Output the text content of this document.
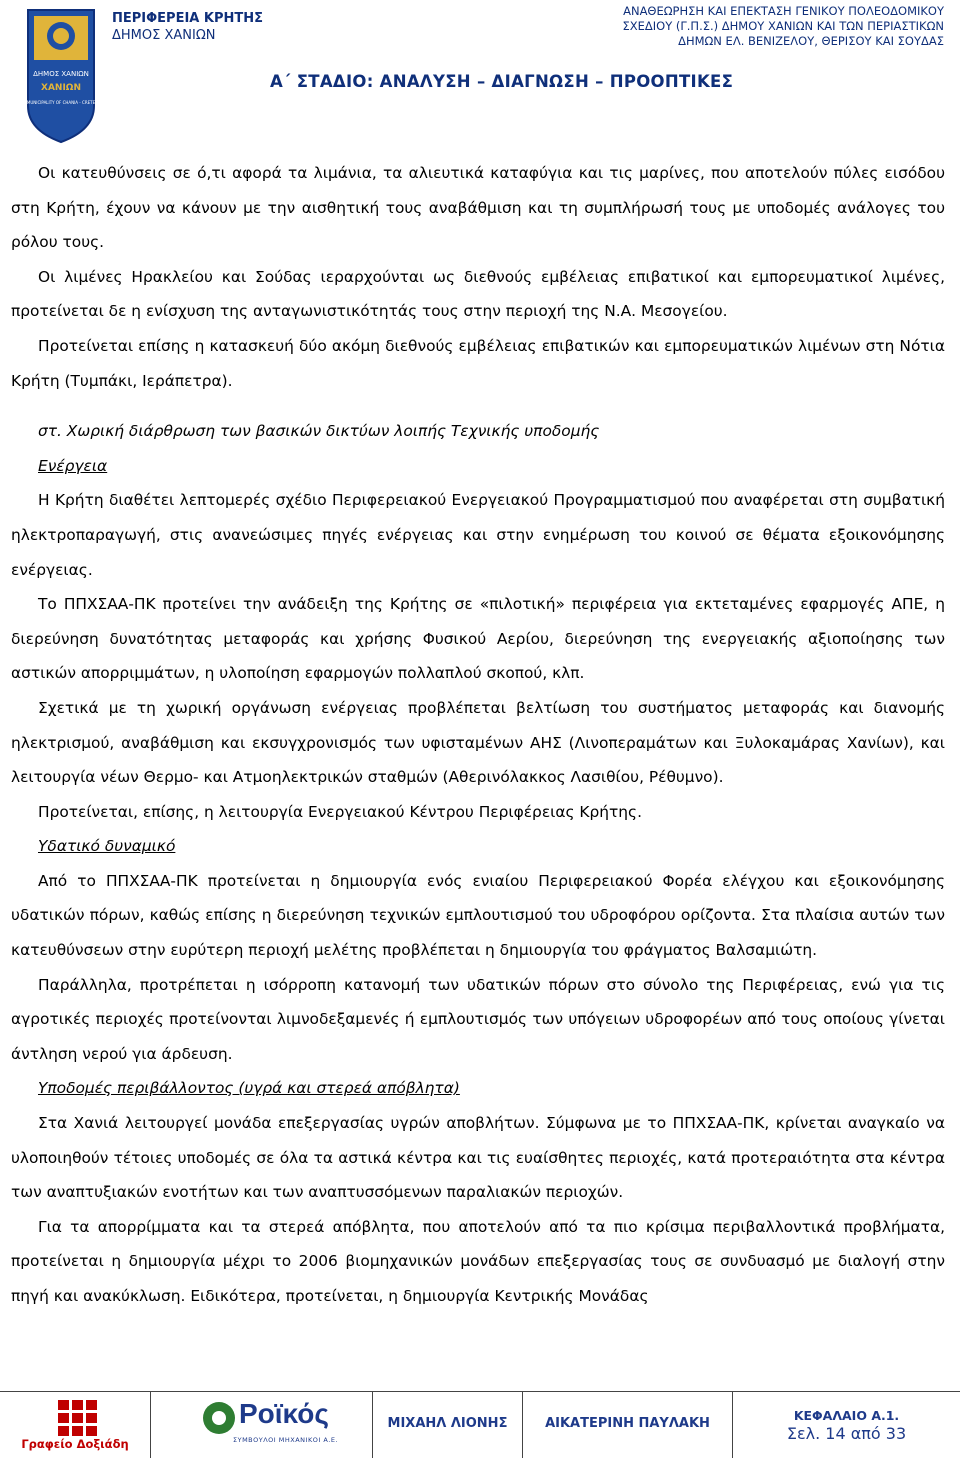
ΔΗΜΟΣ ΧΑΝΙΩΝ
ΧΑΝΙΩΝ
MUNICIPALITY OF CHANIA - CRETE
ΠΕΡΙΦΕΡΕΙΑ ΚΡΗΤΗΣ
ΔΗΜΟΣ ΧΑΝΙΩΝ
ΑΝΑΘΕΩΡΗΣΗ ΚΑΙ ΕΠΕΚΤΑΣΗ ΓΕΝΙΚΟΥ ΠΟΛΕΟΔΟΜΙΚΟΥ
ΣΧΕΔΙΟΥ (Γ.Π.Σ.) ΔΗΜΟΥ ΧΑΝΙΩΝ ΚΑΙ ΤΩΝ ΠΕΡΙΑΣΤΙΚΩΝ
ΔΗΜΩΝ ΕΛ. ΒΕΝΙΖΕΛΟΥ, ΘΕΡΙΣΟΥ ΚΑΙ ΣΟΥΔΑΣ
Α΄ ΣΤΑΔΙΟ: ΑΝΑΛΥΣΗ – ΔΙΑΓΝΩΣΗ – ΠΡΟΟΠΤΙΚΕΣ

Οι κατευθύνσεις σε ό,τι αφορά τα λιμάνια, τα αλιευτικά καταφύγια και τις μαρίνες, που αποτελούν πύλες εισόδου στη Κρήτη, έχουν να κάνουν με την αισθητική τους αναβάθμιση και τη συμπλήρωσή τους με υποδομές ανάλογες του ρόλου τους.

Οι λιμένες Ηρακλείου και Σούδας ιεραρχούνται ως διεθνούς εμβέλειας επιβατικοί και εμπορευματικοί λιμένες, προτείνεται δε η ενίσχυση της ανταγωνιστικότητάς τους στην περιοχή της Ν.Α. Μεσογείου.

Προτείνεται επίσης η κατασκευή δύο ακόμη διεθνούς εμβέλειας επιβατικών και εμπορευματικών λιμένων στη Νότια Κρήτη (Τυμπάκι, Ιεράπετρα).

στ. Χωρική διάρθρωση των βασικών δικτύων λοιπής Τεχνικής υποδομής
Ενέργεια

Η Κρήτη διαθέτει λεπτομερές σχέδιο Περιφερειακού Ενεργειακού Προγραμματισμού που αναφέρεται στη συμβατική ηλεκτροπαραγωγή, στις ανανεώσιμες πηγές ενέργειας και στην ενημέρωση του κοινού σε θέματα εξοικονόμησης ενέργειας.

Το ΠΠΧΣΑΑ-ΠΚ προτείνει την ανάδειξη της Κρήτης σε «πιλοτική» περιφέρεια για εκτεταμένες εφαρμογές ΑΠΕ, η διερεύνηση δυνατότητας μεταφοράς και χρήσης Φυσικού Αερίου, διερεύνηση της ενεργειακής αξιοποίησης των αστικών απορριμμάτων, η υλοποίηση εφαρμογών πολλαπλού σκοπού, κλπ.

Σχετικά με τη χωρική οργάνωση ενέργειας προβλέπεται βελτίωση του συστήματος μεταφοράς και διανομής ηλεκτρισμού, αναβάθμιση και εκσυγχρονισμός των υφισταμένων ΑΗΣ (Λινοπεραμάτων και Ξυλοκαμάρας Χανίων), και λειτουργία νέων Θερμο- και Ατμοηλεκτρικών σταθμών (Αθερινόλακκος Λασιθίου, Ρέθυμνο).

Προτείνεται, επίσης, η λειτουργία Ενεργειακού Κέντρου Περιφέρειας Κρήτης.

Υδατικό δυναμικό

Από το ΠΠΧΣΑΑ-ΠΚ προτείνεται η δημιουργία ενός ενιαίου Περιφερειακού Φορέα ελέγχου και εξοικονόμησης υδατικών πόρων, καθώς επίσης η διερεύνηση τεχνικών εμπλουτισμού του υδροφόρου ορίζοντα. Στα πλαίσια αυτών των κατευθύνσεων στην ευρύτερη περιοχή μελέτης προβλέπεται η δημιουργία του φράγματος Βαλσαμιώτη.

Παράλληλα, προτρέπεται η ισόρροπη κατανομή των υδατικών πόρων στο σύνολο της Περιφέρειας, ενώ για τις αγροτικές περιοχές προτείνονται λιμνοδεξαμενές ή εμπλουτισμός των υπόγειων υδροφορέων από τους οποίους γίνεται άντληση νερού για άρδευση.

Υποδομές περιβάλλοντος (υγρά και στερεά απόβλητα)

Στα Χανιά λειτουργεί μονάδα επεξεργασίας υγρών αποβλήτων. Σύμφωνα με το ΠΠΧΣΑΑ-ΠΚ, κρίνεται αναγκαίο να υλοποιηθούν τέτοιες υποδομές σε όλα τα αστικά κέντρα και τις ευαίσθητες περιοχές, κατά προτεραιότητα στα κέντρα των αναπτυξιακών ενοτήτων και των αναπτυσσόμενων παραλιακών περιοχών.

Για τα απορρίμματα και τα στερεά απόβλητα, που αποτελούν από τα πιο κρίσιμα περιβαλλοντικά προβλήματα, προτείνεται η δημιουργία μέχρι το 2006 βιομηχανικών μονάδων επεξεργασίας τους σε συνδυασμό με διαλογή στην πηγή και ανακύκλωση. Ειδικότερα, προτείνεται, η δημιουργία Κεντρικής Μονάδας

Γραφείο Δοξιάδη
Ροϊκός
ΣΥΜΒΟΥΛΟΙ ΜΗΧΑΝΙΚΟΙ Α.Ε.
ΜΙΧΑΗΛ ΛΙΟΝΗΣ	ΑΙΚΑΤΕΡΙΝΗ ΠΑΥΛΑΚΗ
ΚΕΦΑΛΑΙΟ Α.1.
Σελ. 14 από 33
